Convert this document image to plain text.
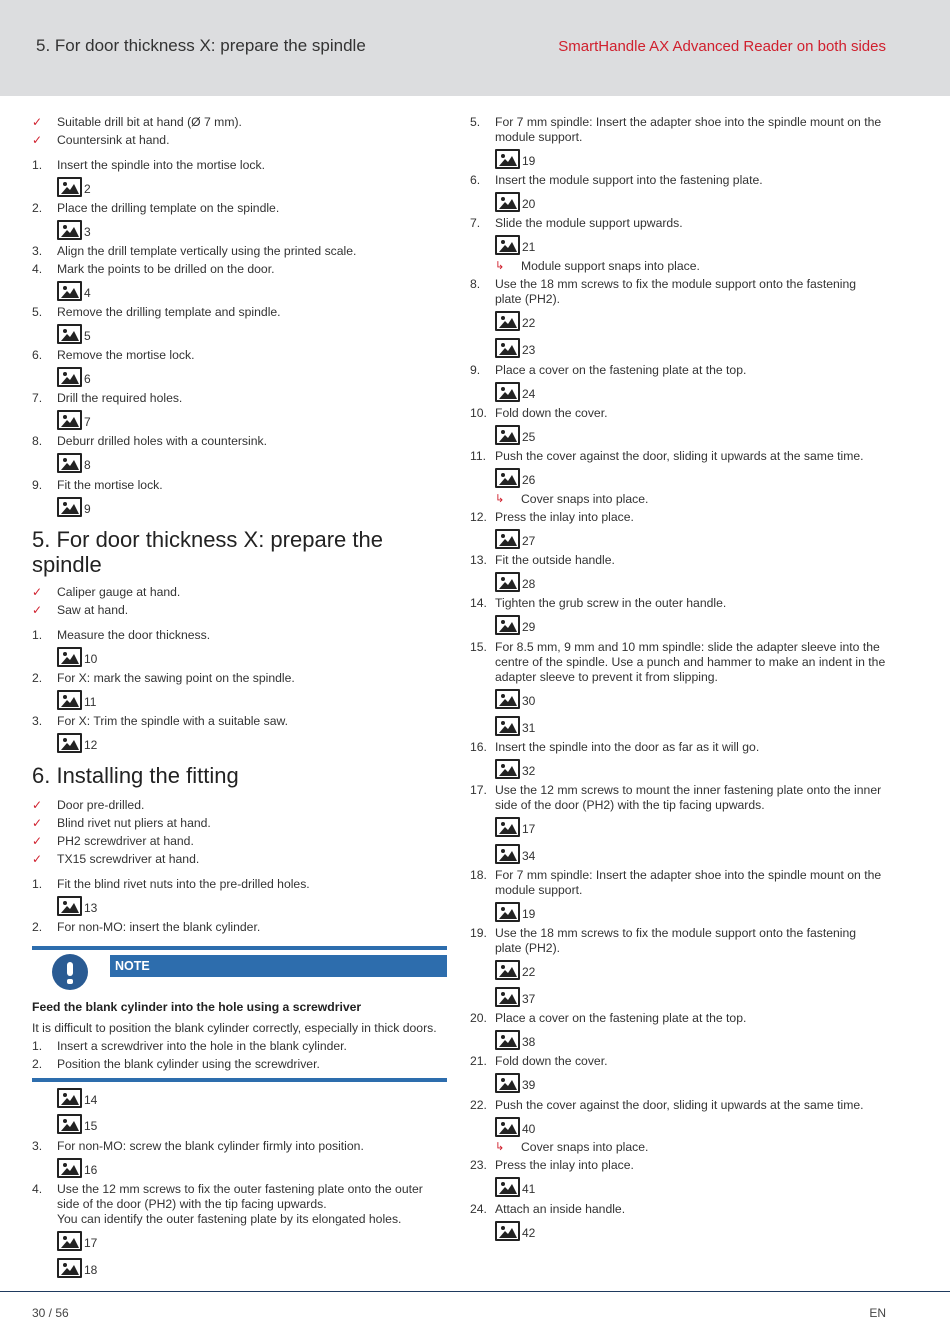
5. For door thickness X: prepare the spindle	SmartHandle AX Advanced Reader on both sides
✓ Suitable drill bit at hand (Ø 7 mm).
✓ Countersink at hand.
1. Insert the spindle into the mortise lock.
2
2. Place the drilling template on the spindle.
3
3. Align the drill template vertically using the printed scale.
4. Mark the points to be drilled on the door.
4
5. Remove the drilling template and spindle.
5
6. Remove the mortise lock.
6
7. Drill the required holes.
7
8. Deburr drilled holes with a countersink.
8
9. Fit the mortise lock.
9
5. For door thickness X: prepare the
spindle
✓ Caliper gauge at hand.
✓ Saw at hand.
1. Measure the door thickness.
10
2. For X: mark the sawing point on the spindle.
11
3. For X: Trim the spindle with a suitable saw.
12
6. Installing the fitting
✓ Door pre-drilled.
✓ Blind rivet nut pliers at hand.
✓ PH2 screwdriver at hand.
✓ TX15 screwdriver at hand.
1. Fit the blind rivet nuts into the pre-drilled holes.
13
2. For non-MO: insert the blank cylinder.
NOTE
Feed the blank cylinder into the hole using a screwdriver
It is difficult to position the blank cylinder correctly, especially in thick doors.
1. Insert a screwdriver into the hole in the blank cylinder.
2. Position the blank cylinder using the screwdriver.
14
15
3. For non-MO: screw the blank cylinder firmly into position.
16
4. Use the 12 mm screws to fix the outer fastening plate onto the outer
side of the door (PH2) with the tip facing upwards.
You can identify the outer fastening plate by its elongated holes.
17
18
5. For 7 mm spindle: Insert the adapter shoe into the spindle mount on the
module support.
19
6. Insert the module support into the fastening plate.
20
7. Slide the module support upwards.
21
↳ Module support snaps into place.
8. Use the 18 mm screws to fix the module support onto the fastening
plate (PH2).
22
23
9. Place a cover on the fastening plate at the top.
24
10. Fold down the cover.
25
11. Push the cover against the door, sliding it upwards at the same time.
26
↳ Cover snaps into place.
12. Press the inlay into place.
27
13. Fit the outside handle.
28
14. Tighten the grub screw in the outer handle.
29
15. For 8.5 mm, 9 mm and 10 mm spindle: slide the adapter sleeve into the
centre of the spindle. Use a punch and hammer to make an indent in the
adapter sleeve to prevent it from slipping.
30
31
16. Insert the spindle into the door as far as it will go.
32
17. Use the 12 mm screws to mount the inner fastening plate onto the inner
side of the door (PH2) with the tip facing upwards.
17
34
18. For 7 mm spindle: Insert the adapter shoe into the spindle mount on the
module support.
19
19. Use the 18 mm screws to fix the module support onto the fastening
plate (PH2).
22
37
20. Place a cover on the fastening plate at the top.
38
21. Fold down the cover.
39
22. Push the cover against the door, sliding it upwards at the same time.
40
↳ Cover snaps into place.
23. Press the inlay into place.
41
24. Attach an inside handle.
42
30 / 56	EN
